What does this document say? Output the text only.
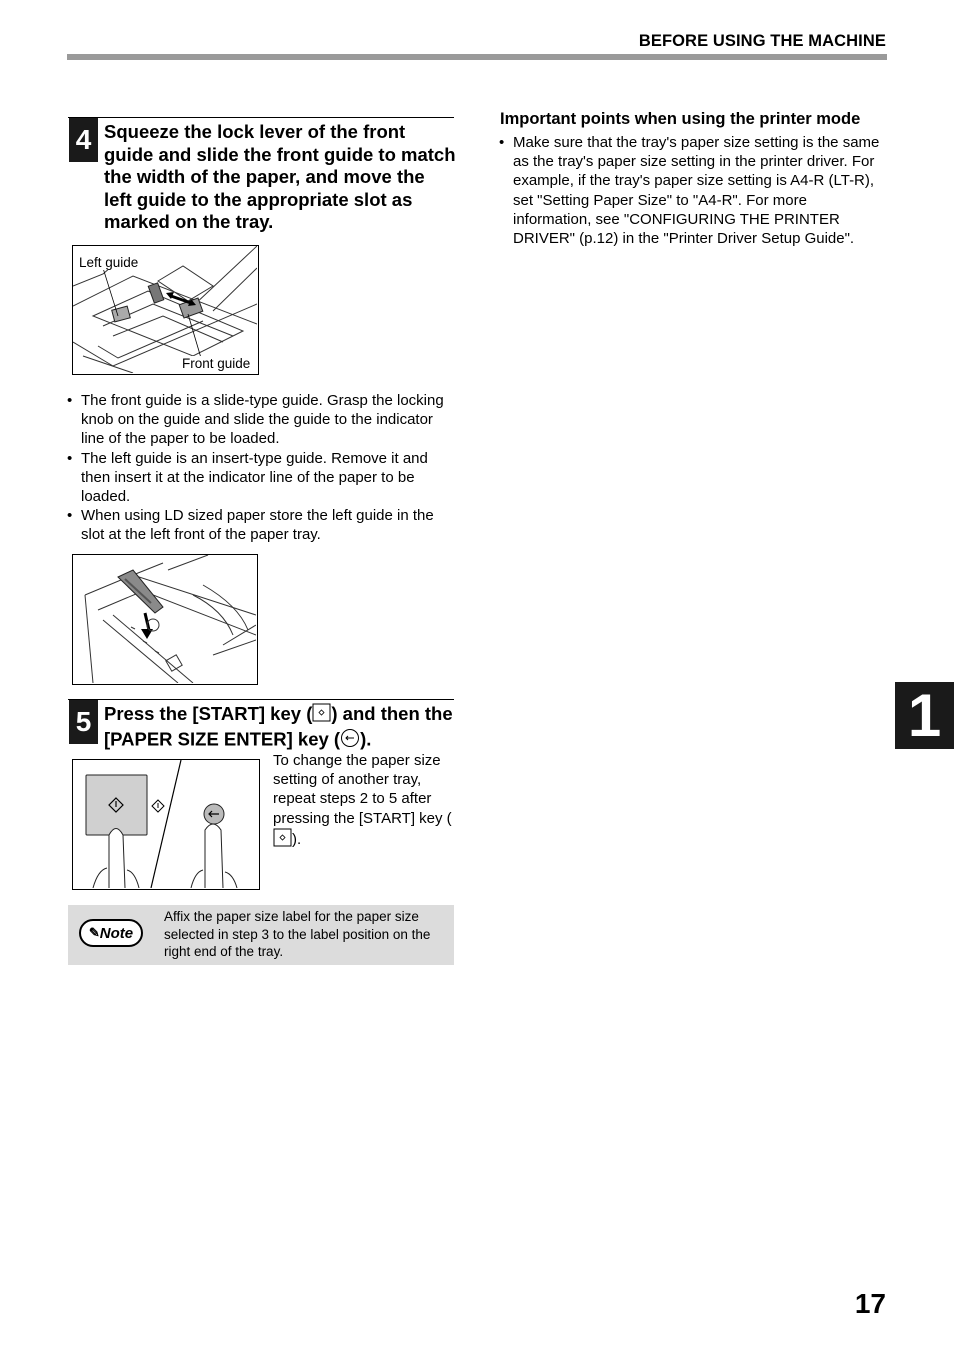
BEFORE USING THE MACHINE
4 Squeeze the lock lever of the front guide and slide the front guide to match the width of the paper, and move the left guide to the appropriate slot as marked on the tray.
Left guide
Front guide
• The front guide is a slide-type guide. Grasp the locking knob on the guide and slide the guide to the indicator line of the paper to be loaded.
• The left guide is an insert-type guide. Remove it and then insert it at the indicator line of the paper to be loaded.
• When using LD sized paper store the left guide in the slot at the left front of the paper tray.
5 Press the [START] key ( ) and then the [PAPER SIZE ENTER] key ( ).
To change the paper size setting of another tray, repeat steps 2 to 5 after pressing the [START] key ().
✎ Note
Affix the paper size label for the paper size selected in step 3 to the label position on the right end of the tray.
Important points when using the printer mode
• Make sure that the tray's paper size setting is the same as the tray's paper size setting in the printer driver. For example, if the tray's paper size setting is A4-R (LT-R), set "Setting Paper Size" to "A4-R". For more information, see "CONFIGURING THE PRINTER DRIVER" (p.12) in the "Printer Driver Setup Guide".
1
17
